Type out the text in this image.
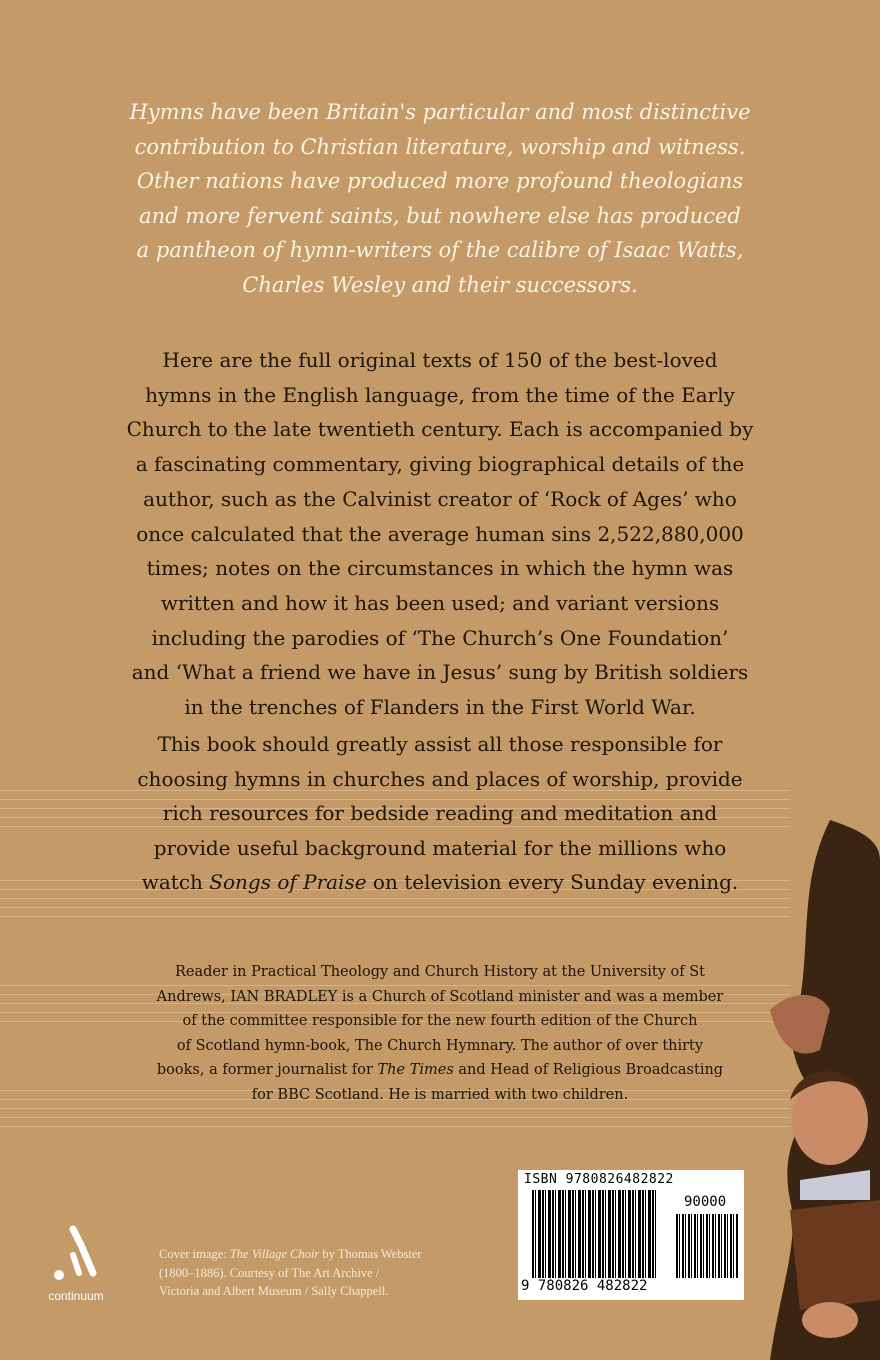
Hymns have been Britain's particular and most distinctive
contribution to Christian literature, worship and witness.
Other nations have produced more profound theologians
and more fervent saints, but nowhere else has produced
a pantheon of hymn-writers of the calibre of Isaac Watts,
Charles Wesley and their successors.
Here are the full original texts of 150 of the best-loved
hymns in the English language, from the time of the Early
Church to the late twentieth century. Each is accompanied by
a fascinating commentary, giving biographical details of the
author, such as the Calvinist creator of ‘Rock of Ages’ who
once calculated that the average human sins 2,522,880,000
times; notes on the circumstances in which the hymn was
written and how it has been used; and variant versions
including the parodies of ‘The Church’s One Foundation’
and ‘What a friend we have in Jesus’ sung by British soldiers
in the trenches of Flanders in the First World War.
This book should greatly assist all those responsible for
choosing hymns in churches and places of worship, provide
rich resources for bedside reading and meditation and
provide useful background material for the millions who
watch Songs of Praise on television every Sunday evening.
Reader in Practical Theology and Church History at the University of St
Andrews, IAN BRADLEY is a Church of Scotland minister and was a member
of the committee responsible for the new fourth edition of the Church
of Scotland hymn-book, The Church Hymnary. The author of over thirty
books, a former journalist for The Times and Head of Religious Broadcasting
for BBC Scotland. He is married with two children.
continuum
Cover image: The Village Choir by Thomas Webster
(1800–1886). Courtesy of The Art Archive /
Victoria and Albert Museum / Sally Chappell.
ISBN 9780826482822
90000
9 780826 482822
